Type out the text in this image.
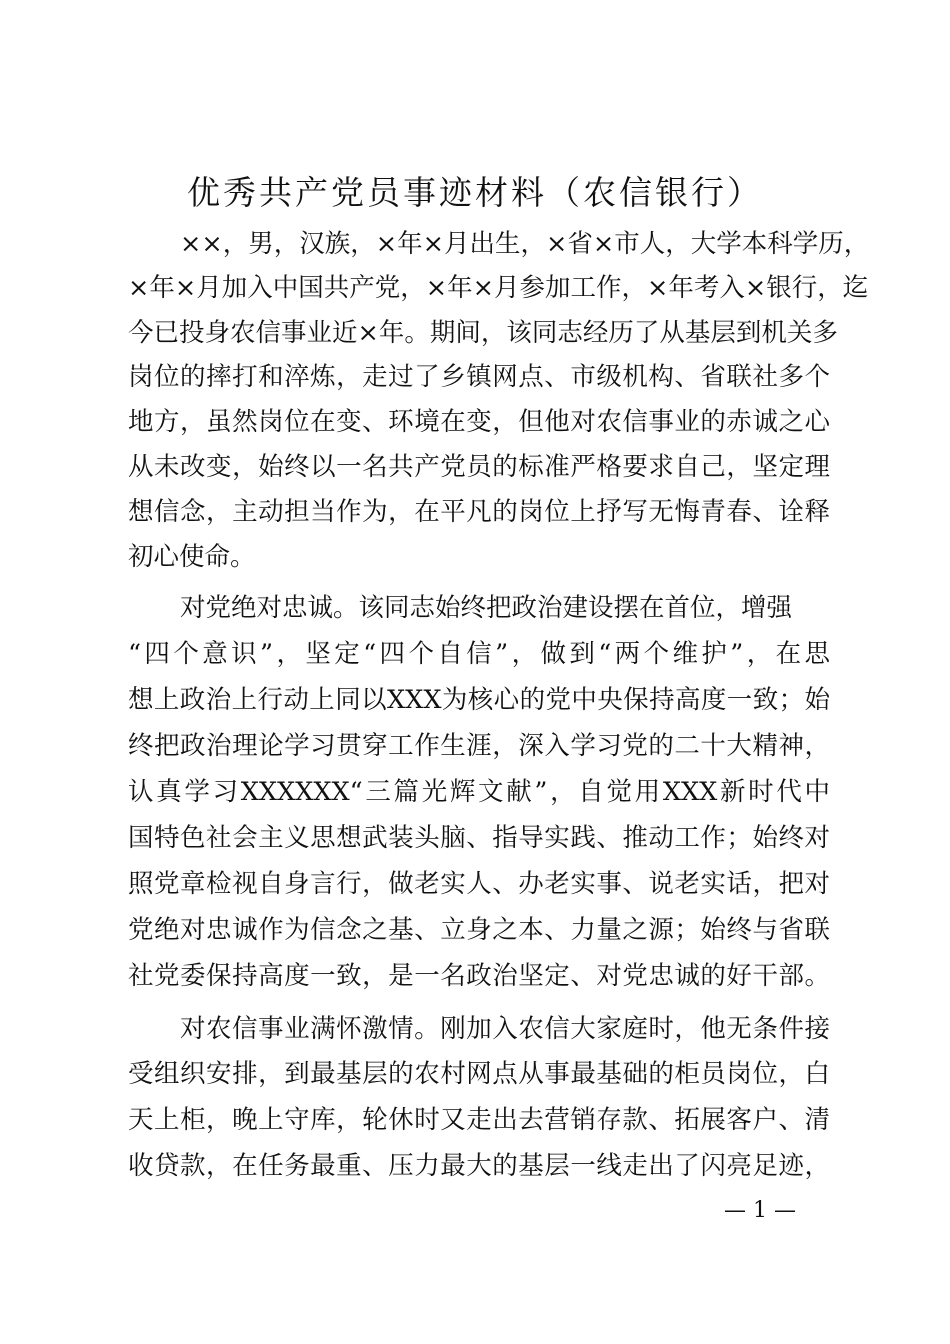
优秀共产党员事迹材料（农信银行）

××，男，汉族，×年×月出生，×省×市人，大学本科学历，

×年×月加入中国共产党，×年×月参加工作，×年考入×银行，迄

今已投身农信事业近×年。期间，该同志经历了从基层到机关多

岗位的摔打和淬炼，走过了乡镇网点、市级机构、省联社多个

地方，虽然岗位在变、环境在变，但他对农信事业的赤诚之心

从未改变，始终以一名共产党员的标准严格要求自己，坚定理

想信念，主动担当作为，在平凡的岗位上抒写无悔青春、诠释

初心使命。

对党绝对忠诚。该同志始终把政治建设摆在首位，增强

“四个意识”，坚定“四个自信”，做到“两个维护”，在思

想上政治上行动上同以XXX为核心的党中央保持高度一致；始

终把政治理论学习贯穿工作生涯，深入学习党的二十大精神，

认真学习XXXXXX“三篇光辉文献”，自觉用XXX新时代中

国特色社会主义思想武装头脑、指导实践、推动工作；始终对

照党章检视自身言行，做老实人、办老实事、说老实话，把对

党绝对忠诚作为信念之基、立身之本、力量之源；始终与省联

社党委保持高度一致，是一名政治坚定、对党忠诚的好干部。

对农信事业满怀激情。刚加入农信大家庭时，他无条件接

受组织安排，到最基层的农村网点从事最基础的柜员岗位，白

天上柜，晚上守库，轮休时又走出去营销存款、拓展客户、清

收贷款，在任务最重、压力最大的基层一线走出了闪亮足迹，

— 1 —
